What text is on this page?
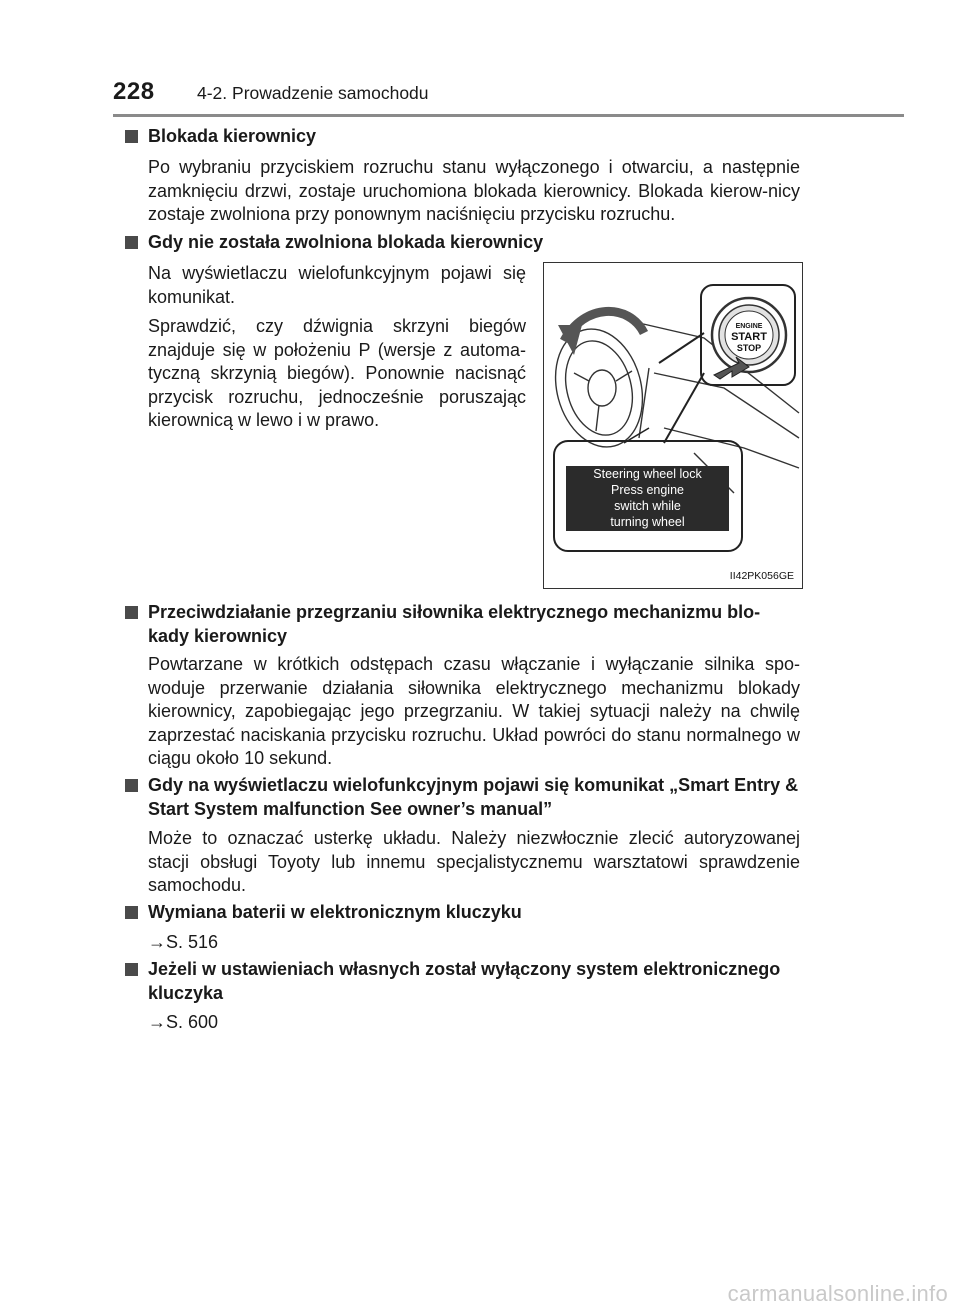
228 4-2. Prowadzenie samochodu
Blokada kierownicy
Po wybraniu przyciskiem rozruchu stanu wyłączonego i otwarciu, a następnie zamknięciu drzwi, zostaje uruchomiona blokada kierownicy. Blokada kierow-nicy zostaje zwolniona przy ponownym naciśnięciu przycisku rozruchu.
Gdy nie została zwolniona blokada kierownicy
Na wyświetlaczu wielofunkcyjnym pojawi się komunikat.
Sprawdzić, czy dźwignia skrzyni biegów znajduje się w położeniu P (wersje z automa-tyczną skrzynią biegów). Ponownie nacisnąć przycisk rozruchu, jednocześnie poruszając kierownicą w lewo i w prawo.
ENGINE
START
STOP
Steering wheel lock
Press engine
switch while
turning wheel
II42PK056GE
Przeciwdziałanie przegrzaniu siłownika elektrycznego mechanizmu blo-kady kierownicy
Powtarzane w krótkich odstępach czasu włączanie i wyłączanie silnika spo-woduje przerwanie działania siłownika elektrycznego mechanizmu blokady kierownicy, zapobiegając jego przegrzaniu. W takiej sytuacji należy na chwilę zaprzestać naciskania przycisku rozruchu. Układ powróci do stanu normalnego w ciągu około 10 sekund.
Gdy na wyświetlaczu wielofunkcyjnym pojawi się komunikat „Smart Entry & Start System malfunction See owner’s manual”
Może to oznaczać usterkę układu. Należy niezwłocznie zlecić autoryzowanej stacji obsługi Toyoty lub innemu specjalistycznemu warsztatowi sprawdzenie samochodu.
Wymiana baterii w elektronicznym kluczyku
→S. 516
Jeżeli w ustawieniach własnych został wyłączony system elektronicznego kluczyka
→S. 600
carmanualsonline.info
